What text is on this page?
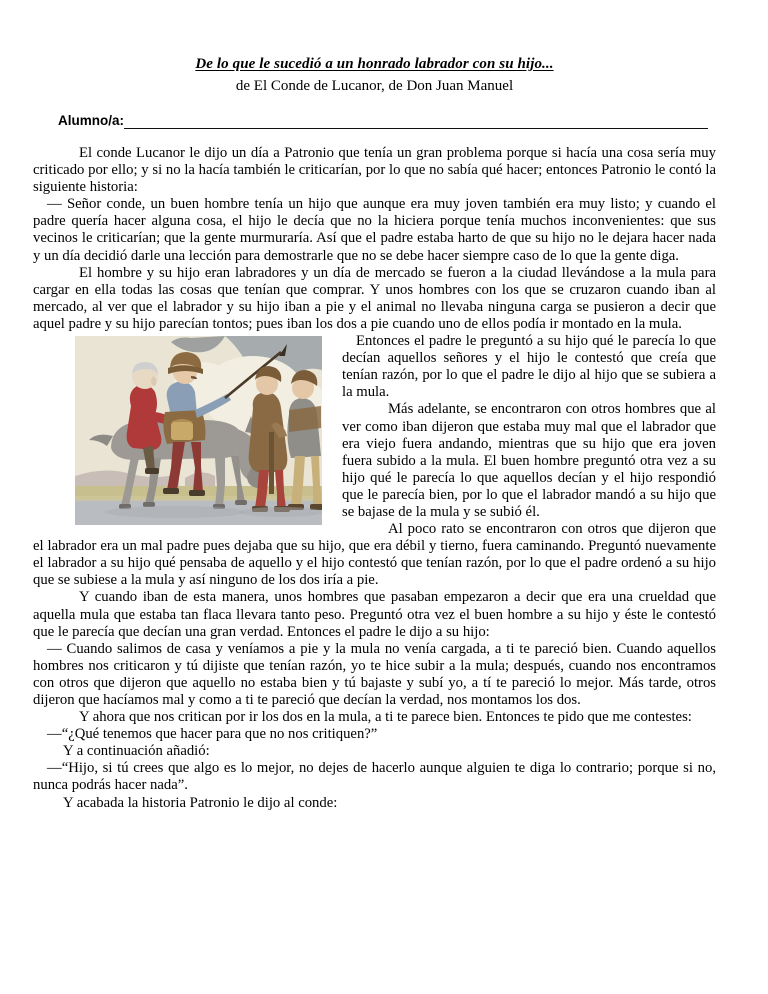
De lo que le sucedió a un honrado labrador con su hijo...

de El Conde de Lucanor, de Don Juan Manuel

Alumno/a:

El conde Lucanor le dijo un día a Patronio que tenía un gran problema porque si hacía una cosa sería muy criticado por ello; y si no la hacía también le criticarían, por lo que no sabía qué hacer; entonces Patronio le contó la siguiente historia:

— Señor conde, un buen hombre tenía un hijo que aunque era muy joven también era muy listo; y cuando el padre quería hacer alguna cosa, el hijo le decía que no la hiciera porque tenía muchos inconvenientes: que sus vecinos le criticarían; que la gente murmuraría. Así que el padre estaba harto de que su hijo no le dejara hacer nada y un día decidió darle una lección para demostrarle que no se debe hacer siempre caso de lo que la gente diga.

El hombre y su hijo eran labradores y un día de mercado se fueron a la ciudad llevándose a la mula para cargar en ella todas las cosas que tenían que comprar. Y unos hombres con los que se cruzaron cuando iban al mercado, al ver que el labrador y su hijo iban a pie y el animal no llevaba ninguna carga se pusieron a decir que aquel padre y su hijo parecían tontos; pues iban los dos a pie cuando uno de ellos podía ir montado en la mula.

Entonces el padre le preguntó a su hijo qué le parecía lo que decían aquellos señores y el hijo le contestó que creía que tenían razón, por lo que el padre le dijo al hijo que se subiera a la mula.

Más adelante, se encontraron con otros hombres que al ver como iban dijeron que estaba muy mal que el labrador que era viejo fuera andando, mientras que su hijo que era joven fuera subido a la mula. El buen hombre preguntó otra vez a su hijo qué le parecía lo que aquellos decían y el hijo respondió que le parecía bien, por lo que el labrador mandó a su hijo que se bajase de la mula y se subió él.

Al poco rato se encontraron con otros que dijeron que el labrador era un mal padre pues dejaba que su hijo, que era débil y tierno, fuera caminando. Preguntó nuevamente el labrador a su hijo qué pensaba de aquello y el hijo contestó que tenían razón, por lo que el padre ordenó a su hijo que se subiese a la mula y así ninguno de los dos iría a pie.

Y cuando iban de esta manera, unos hombres que pasaban empezaron a decir que era una crueldad que aquella mula que estaba tan flaca llevara tanto peso. Preguntó otra vez el buen hombre a su hijo y éste le contestó que le parecía que decían una gran verdad. Entonces el padre le dijo a su hijo:

— Cuando salimos de casa y veníamos a pie y la mula no venía cargada, a ti te pareció bien. Cuando aquellos hombres nos criticaron y tú dijiste que tenían razón, yo te hice subir a la mula; después, cuando nos encontramos con otros que dijeron que aquello no estaba bien y tú bajaste y subí yo, a tí te pareció lo mejor. Más tarde, otros dijeron que hacíamos mal y como a ti te pareció que decían la verdad, nos montamos los dos.

Y ahora que nos critican por ir los dos en la mula, a ti te parece bien. Entonces te pido que me contestes:

—“¿Qué tenemos que hacer para que no nos critiquen?”

Y a continuación añadió:

—“Hijo, si tú crees que algo es lo mejor, no dejes de hacerlo aunque alguien te diga lo contrario; porque si no, nunca podrás hacer nada”.

Y acabada la historia Patronio le dijo al conde:
